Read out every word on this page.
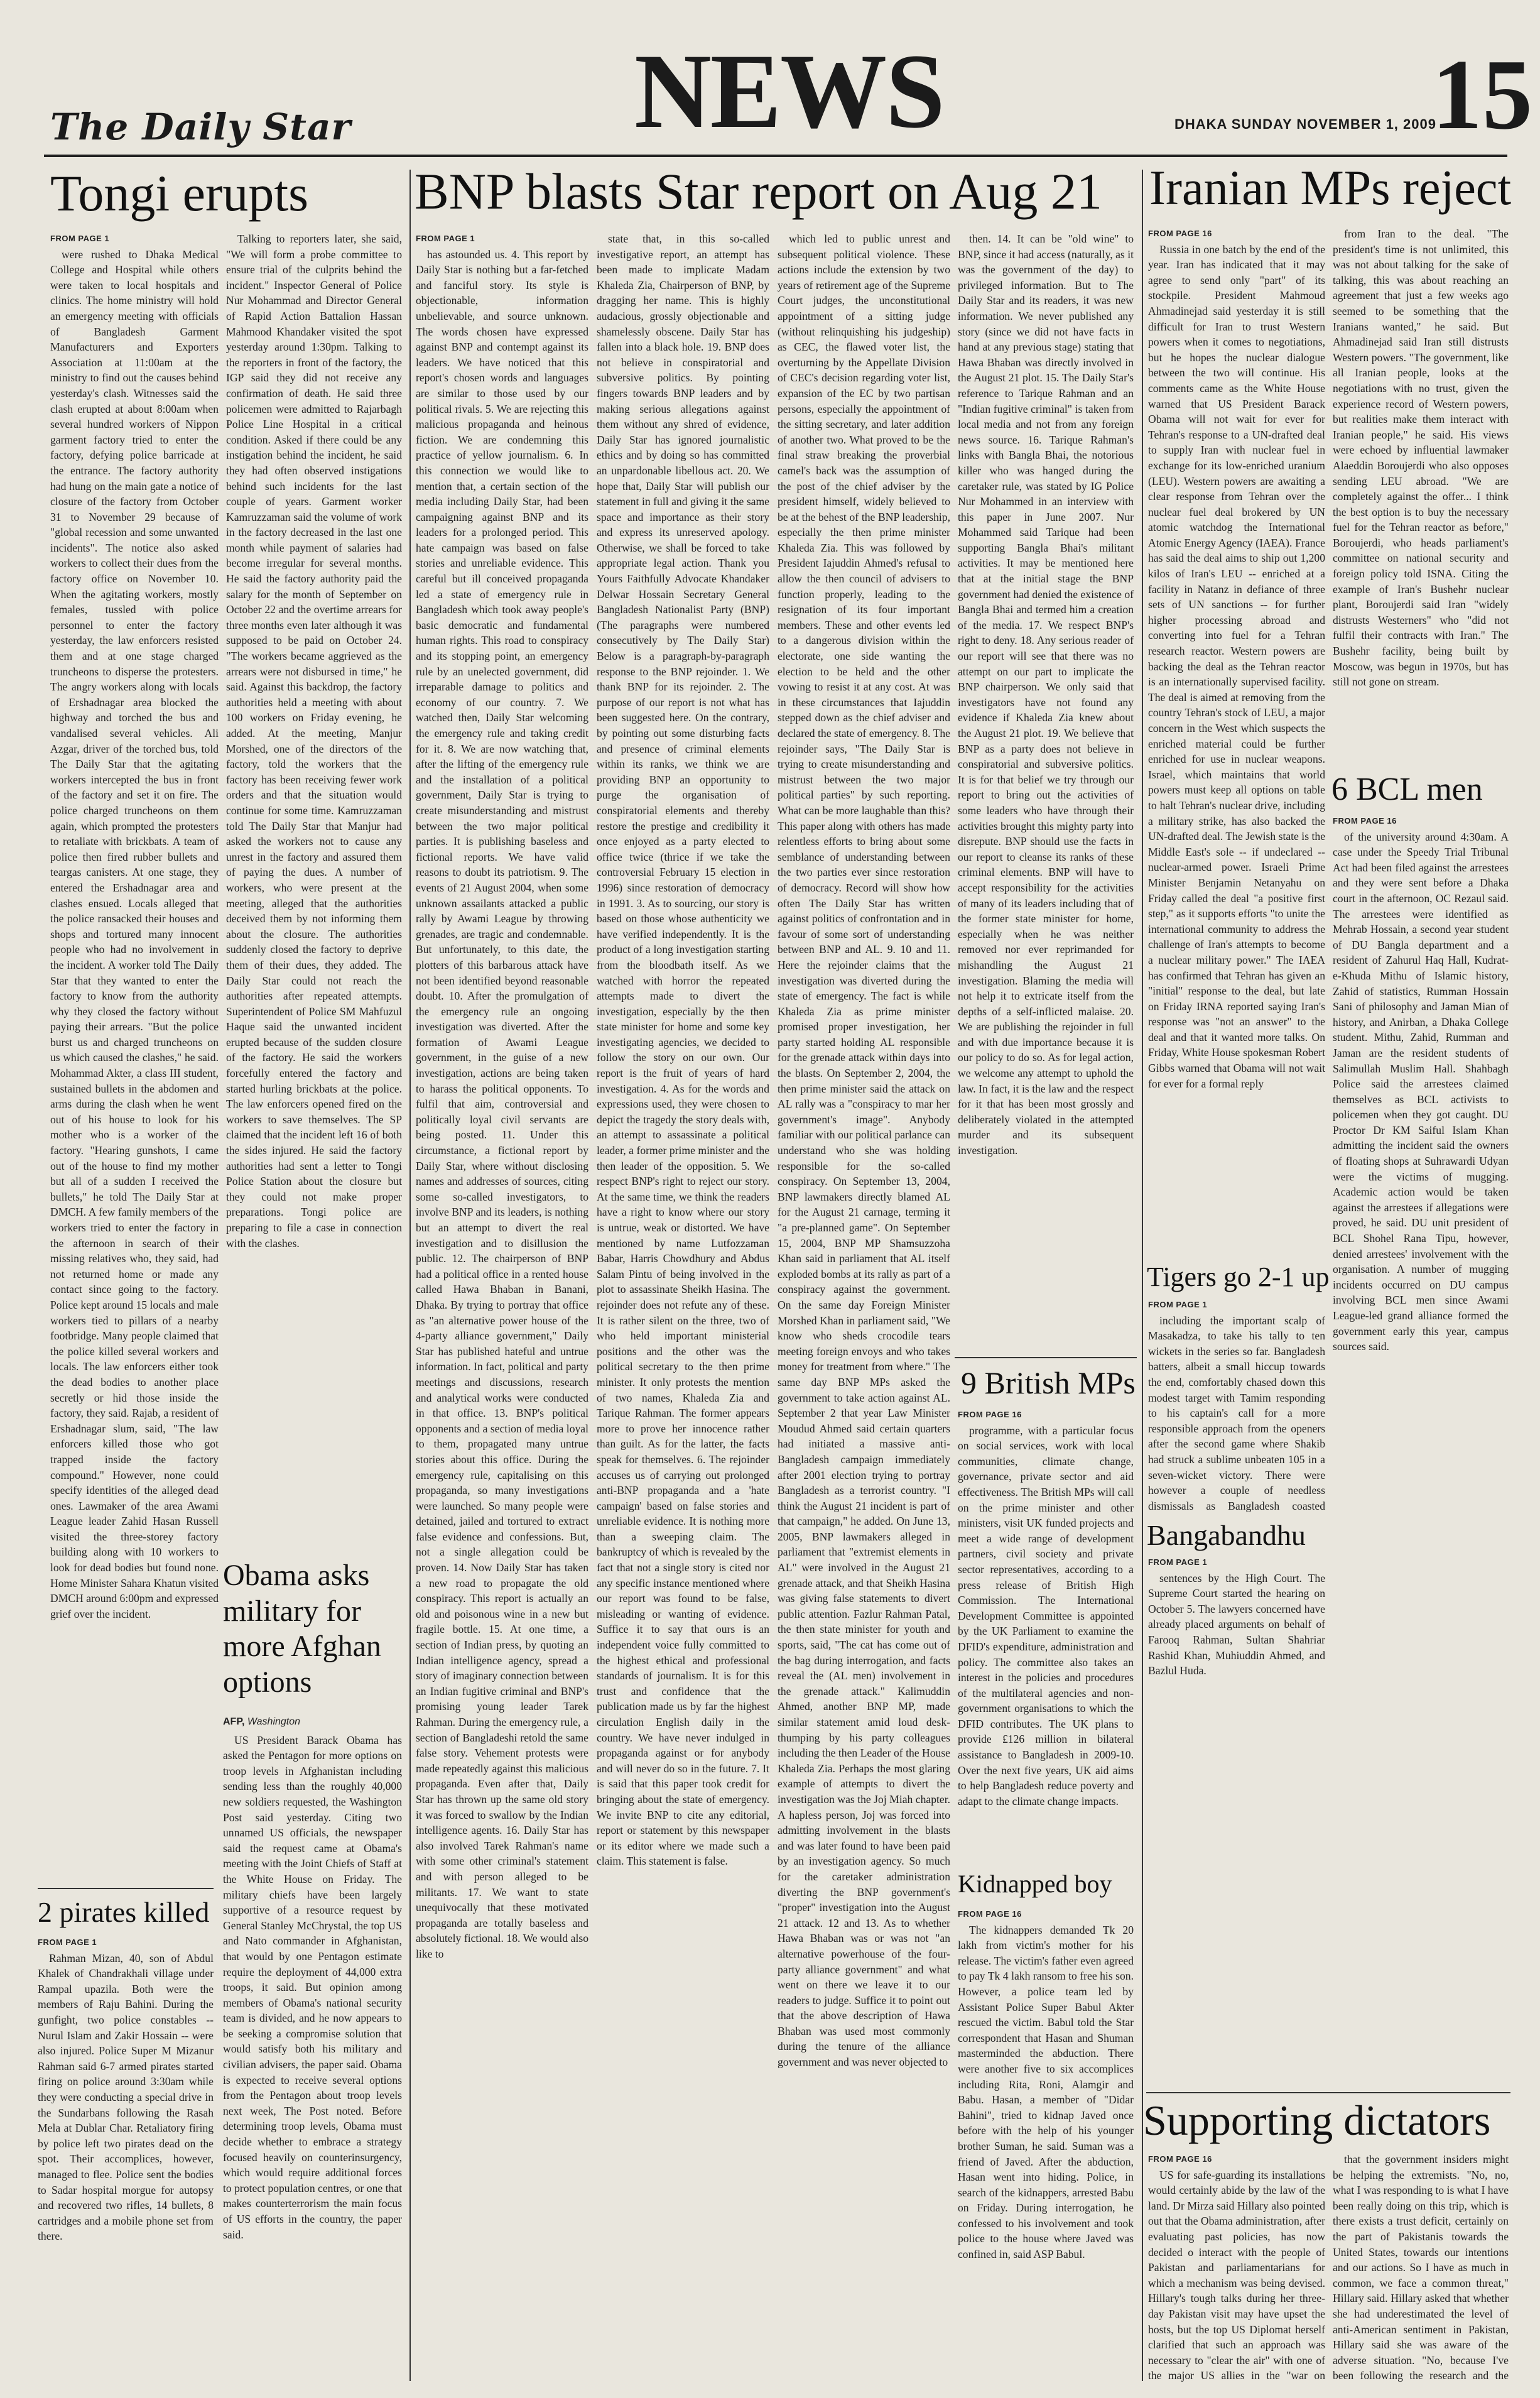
The Daily Star	NEWS	DHAKA SUNDAY NOVEMBER 1, 2009
15
Tongi erupts
FROM PAGE 1

were rushed to Dhaka Medical College and Hospital while others were taken to local hospitals and clinics. The home ministry will hold an emergency meeting with officials of Bangladesh Garment Manufacturers and Exporters Association at 11:00am at the ministry to find out the causes behind yesterday's clash. Witnesses said the clash erupted at about 8:00am when several hundred workers of Nippon garment factory tried to enter the factory, defying police barricade at the entrance. The factory authority had hung on the main gate a notice of closure of the factory from October 31 to November 29 because of "global recession and some unwanted incidents". The notice also asked workers to collect their dues from the factory office on November 10. When the agitating workers, mostly females, tussled with police personnel to enter the factory yesterday, the law enforcers resisted them and at one stage charged truncheons to disperse the protesters. The angry workers along with locals of Ershadnagar area blocked the highway and torched the bus and vandalised several vehicles. Ali Azgar, driver of the torched bus, told The Daily Star that the agitating workers intercepted the bus in front of the factory and set it on fire. The police charged truncheons on them again, which prompted the protesters to retaliate with brickbats. A team of police then fired rubber bullets and teargas canisters. At one stage, they entered the Ershadnagar area and clashes ensued. Locals alleged that the police ransacked their houses and shops and tortured many innocent people who had no involvement in the incident. A worker told The Daily Star that they wanted to enter the factory to know from the authority why they closed the factory without paying their arrears. "But the police burst us and charged truncheons on us which caused the clashes," he said. Mohammad Akter, a class III student, sustained bullets in the abdomen and arms during the clash when he went out of his house to look for his mother who is a worker of the factory. "Hearing gunshots, I came out of the house to find my mother but all of a sudden I received the bullets," he told The Daily Star at DMCH. A few family members of the workers tried to enter the factory in the afternoon in search of their missing relatives who, they said, had not returned home or made any contact since going to the factory. Police kept around 15 locals and male workers tied to pillars of a nearby footbridge. Many people claimed that the police killed several workers and locals. The law enforcers either took the dead bodies to another place secretly or hid those inside the factory, they said. Rajab, a resident of Ershadnagar slum, said, "The law enforcers killed those who got trapped inside the factory compound." However, none could specify identities of the alleged dead ones. Lawmaker of the area Awami League leader Zahid Hasan Russell visited the three-storey factory building along with 10 workers to look for dead bodies but found none. Home Minister Sahara Khatun visited DMCH around 6:00pm and expressed grief over the incident.

Talking to reporters later, she said, "We will form a probe committee to ensure trial of the culprits behind the incident." Inspector General of Police Nur Mohammad and Director General of Rapid Action Battalion Hassan Mahmood Khandaker visited the spot yesterday around 1:30pm. Talking to the reporters in front of the factory, the IGP said they did not receive any confirmation of death. He said three policemen were admitted to Rajarbagh Police Line Hospital in a critical condition. Asked if there could be any instigation behind the incident, he said they had often observed instigations behind such incidents for the last couple of years. Garment worker Kamruzzaman said the volume of work in the factory decreased in the last one month while payment of salaries had become irregular for several months. He said the factory authority paid the salary for the month of September on October 22 and the overtime arrears for three months even later although it was supposed to be paid on October 24. "The workers became aggrieved as the arrears were not disbursed in time," he said. Against this backdrop, the factory authorities held a meeting with about 100 workers on Friday evening, he added. At the meeting, Manjur Morshed, one of the directors of the factory, told the workers that the factory has been receiving fewer work orders and that the situation would continue for some time. Kamruzzaman told The Daily Star that Manjur had asked the workers not to cause any unrest in the factory and assured them of paying the dues. A number of workers, who were present at the meeting, alleged that the authorities deceived them by not informing them about the closure. The authorities suddenly closed the factory to deprive them of their dues, they added. The Daily Star could not reach the authorities after repeated attempts. Superintendent of Police SM Mahfuzul Haque said the unwanted incident erupted because of the sudden closure of the factory. He said the workers forcefully entered the factory and started hurling brickbats at the police. The law enforcers opened fired on the workers to save themselves. The SP claimed that the incident left 16 of both the sides injured. He said the factory authorities had sent a letter to Tongi Police Station about the closure but they could not make proper preparations. Tongi police are preparing to file a case in connection with the clashes.

Obama asks military for more Afghan options
AFP, Washington

US President Barack Obama has asked the Pentagon for more options on troop levels in Afghanistan including sending less than the roughly 40,000 new soldiers requested, the Washington Post said yesterday. Citing two unnamed US officials, the newspaper said the request came at Obama's meeting with the Joint Chiefs of Staff at the White House on Friday. The military chiefs have been largely supportive of a resource request by General Stanley McChrystal, the top US and Nato commander in Afghanistan, that would by one Pentagon estimate require the deployment of 44,000 extra troops, it said. But opinion among members of Obama's national security team is divided, and he now appears to be seeking a compromise solution that would satisfy both his military and civilian advisers, the paper said. Obama is expected to receive several options from the Pentagon about troop levels next week, The Post noted. Before determining troop levels, Obama must decide whether to embrace a strategy focused heavily on counterinsurgency, which would require additional forces to protect population centres, or one that makes counterterrorism the main focus of US efforts in the country, the paper said.

2 pirates killed
FROM PAGE 1

Rahman Mizan, 40, son of Abdul Khalek of Chandrakhali village under Rampal upazila. Both were the members of Raju Bahini. During the gunfight, two police constables -- Nurul Islam and Zakir Hossain -- were also injured. Police Super M Mizanur Rahman said 6-7 armed pirates started firing on police around 3:30am while they were conducting a special drive in the Sundarbans following the Rasah Mela at Dublar Char. Retaliatory firing by police left two pirates dead on the spot. Their accomplices, however, managed to flee. Police sent the bodies to Sadar hospital morgue for autopsy and recovered two rifles, 14 bullets, 8 cartridges and a mobile phone set from there.

BNP blasts Star report on Aug 21
FROM PAGE 1

has astounded us. 4. This report by Daily Star is nothing but a far-fetched and fanciful story. Its style is objectionable, information unbelievable, and source unknown. The words chosen have expressed against BNP and contempt against its leaders. We have noticed that this report's chosen words and languages are similar to those used by our political rivals. 5. We are rejecting this malicious propaganda and heinous fiction. We are condemning this practice of yellow journalism. 6. In this connection we would like to mention that, a certain section of the media including Daily Star, had been campaigning against BNP and its leaders for a prolonged period. This hate campaign was based on false stories and unreliable evidence. This careful but ill conceived propaganda led a state of emergency rule in Bangladesh which took away people's basic democratic and fundamental human rights. This road to conspiracy and its stopping point, an emergency rule by an unelected government, did irreparable damage to politics and economy of our country. 7. We watched then, Daily Star welcoming the emergency rule and taking credit for it. 8. We are now watching that, after the lifting of the emergency rule and the installation of a political government, Daily Star is trying to create misunderstanding and mistrust between the two major political parties. It is publishing baseless and fictional reports. We have valid reasons to doubt its patriotism. 9. The events of 21 August 2004, when some unknown assailants attacked a public rally by Awami League by throwing grenades, are tragic and condemnable. But unfortunately, to this date, the plotters of this barbarous attack have not been identified beyond reasonable doubt. 10. After the promulgation of the emergency rule an ongoing investigation was diverted. After the formation of Awami League government, in the guise of a new investigation, actions are being taken to harass the political opponents. To fulfil that aim, controversial and politically loyal civil servants are being posted. 11. Under this circumstance, a fictional report by Daily Star, where without disclosing names and addresses of sources, citing some so-called investigators, to involve BNP and its leaders, is nothing but an attempt to divert the real investigation and to disillusion the public. 12. The chairperson of BNP had a political office in a rented house called Hawa Bhaban in Banani, Dhaka. By trying to portray that office as "an alternative power house of the 4-party alliance government," Daily Star has published hateful and untrue information. In fact, political and party meetings and discussions, research and analytical works were conducted in that office. 13. BNP's political opponents and a section of media loyal to them, propagated many untrue stories about this office. During the emergency rule, capitalising on this propaganda, so many investigations were launched. So many people were detained, jailed and tortured to extract false evidence and confessions. But, not a single allegation could be proven. 14. Now Daily Star has taken a new road to propagate the old conspiracy. This report is actually an old and poisonous wine in a new but fragile bottle. 15. At one time, a section of Indian press, by quoting an Indian intelligence agency, spread a story of imaginary connection between an Indian fugitive criminal and BNP's promising young leader Tarek Rahman. During the emergency rule, a section of Bangladeshi retold the same false story. Vehement protests were made repeatedly against this malicious propaganda. Even after that, Daily Star has thrown up the same old story it was forced to swallow by the Indian intelligence agents. 16. Daily Star has also involved Tarek Rahman's name with some other criminal's statement and with person alleged to be militants. 17. We want to state unequivocally that these motivated propaganda are totally baseless and absolutely fictional. 18. We would also like to

state that, in this so-called investigative report, an attempt has been made to implicate Madam Khaleda Zia, Chairperson of BNP, by dragging her name. This is highly audacious, grossly objectionable and shamelessly obscene. Daily Star has fallen into a black hole. 19. BNP does not believe in conspiratorial and subversive politics. By pointing fingers towards BNP leaders and by making serious allegations against them without any shred of evidence, Daily Star has ignored journalistic ethics and by doing so has committed an unpardonable libellous act. 20. We hope that, Daily Star will publish our statement in full and giving it the same space and importance as their story and express its unreserved apology. Otherwise, we shall be forced to take appropriate legal action. Thank you Yours Faithfully Advocate Khandaker Delwar Hossain Secretary General Bangladesh Nationalist Party (BNP) (The paragraphs were numbered consecutively by The Daily Star) Below is a paragraph-by-paragraph response to the BNP rejoinder. 1. We thank BNP for its rejoinder. 2. The purpose of our report is not what has been suggested here. On the contrary, by pointing out some disturbing facts and presence of criminal elements within its ranks, we think we are providing BNP an opportunity to purge the organisation of conspiratorial elements and thereby restore the prestige and credibility it once enjoyed as a party elected to office twice (thrice if we take the controversial February 15 election in 1996) since restoration of democracy in 1991. 3. As to sourcing, our story is based on those whose authenticity we have verified independently. It is the product of a long investigation starting from the bloodbath itself. As we watched with horror the repeated attempts made to divert the investigation, especially by the then state minister for home and some key investigating agencies, we decided to follow the story on our own. Our report is the fruit of years of hard investigation. 4. As for the words and expressions used, they were chosen to depict the tragedy the story deals with, an attempt to assassinate a political leader, a former prime minister and the then leader of the opposition. 5. We respect BNP's right to reject our story. At the same time, we think the readers have a right to know where our story is untrue, weak or distorted. We have mentioned by name Lutfozzaman Babar, Harris Chowdhury and Abdus Salam Pintu of being involved in the plot to assassinate Sheikh Hasina. The rejoinder does not refute any of these. It is rather silent on the three, two of who held important ministerial positions and the other was the political secretary to the then prime minister. It only protests the mention of two names, Khaleda Zia and Tarique Rahman. The former appears more to prove her innocence rather than guilt. As for the latter, the facts speak for themselves. 6. The rejoinder accuses us of carrying out prolonged anti-BNP propaganda and a 'hate campaign' based on false stories and unreliable evidence. It is nothing more than a sweeping claim. The bankruptcy of which is revealed by the fact that not a single story is cited nor any specific instance mentioned where our report was found to be false, misleading or wanting of evidence. Suffice it to say that ours is an independent voice fully committed to the highest ethical and professional standards of journalism. It is for this trust and confidence that the publication made us by far the highest circulation English daily in the country. We have never indulged in propaganda against or for anybody and will never do so in the future. 7. It is said that this paper took credit for bringing about the state of emergency. We invite BNP to cite any editorial, report or statement by this newspaper or its editor where we made such a claim. This statement is false.

which led to public unrest and subsequent political violence. These actions include the extension by two years of retirement age of the Supreme Court judges, the unconstitutional appointment of a sitting judge (without relinquishing his judgeship) as CEC, the flawed voter list, the overturning by the Appellate Division of CEC's decision regarding voter list, expansion of the EC by two partisan persons, especially the appointment of the sitting secretary, and later addition of another two. What proved to be the final straw breaking the proverbial camel's back was the assumption of the post of the chief adviser by the president himself, widely believed to be at the behest of the BNP leadership, especially the then prime minister Khaleda Zia. This was followed by President Iajuddin Ahmed's refusal to allow the then council of advisers to function properly, leading to the resignation of its four important members. These and other events led to a dangerous division within the electorate, one side wanting the election to be held and the other vowing to resist it at any cost. At was in these circumstances that Iajuddin stepped down as the chief adviser and declared the state of emergency. 8. The rejoinder says, "The Daily Star is trying to create misunderstanding and mistrust between the two major political parties" by such reporting. What can be more laughable than this? This paper along with others has made relentless efforts to bring about some semblance of understanding between the two parties ever since restoration of democracy. Record will show how often The Daily Star has written against politics of confrontation and in favour of some sort of understanding between BNP and AL. 9. 10 and 11. Here the rejoinder claims that the investigation was diverted during the state of emergency. The fact is while Khaleda Zia as prime minister promised proper investigation, her party started holding AL responsible for the grenade attack within days into the blasts. On September 2, 2004, the then prime minister said the attack on AL rally was a "conspiracy to mar her government's image". Anybody familiar with our political parlance can understand who she was holding responsible for the so-called conspiracy. On September 13, 2004, BNP lawmakers directly blamed AL for the August 21 carnage, terming it "a pre-planned game". On September 15, 2004, BNP MP Shamsuzzoha Khan said in parliament that AL itself exploded bombs at its rally as part of a conspiracy against the government. On the same day Foreign Minister Morshed Khan in parliament said, "We know who sheds crocodile tears meeting foreign envoys and who takes money for treatment from where." The same day BNP MPs asked the government to take action against AL. September 2 that year Law Minister Moudud Ahmed said certain quarters had initiated a massive anti-Bangladesh campaign immediately after 2001 election trying to portray Bangladesh as a terrorist country. "I think the August 21 incident is part of that campaign," he added. On June 13, 2005, BNP lawmakers alleged in parliament that "extremist elements in AL" were involved in the August 21 grenade attack, and that Sheikh Hasina was giving false statements to divert public attention. Fazlur Rahman Patal, the then state minister for youth and sports, said, "The cat has come out of the bag during interrogation, and facts reveal the (AL men) involvement in the grenade attack." Kalimuddin Ahmed, another BNP MP, made similar statement amid loud desk-thumping by his party colleagues including the then Leader of the House Khaleda Zia. Perhaps the most glaring example of attempts to divert the investigation was the Joj Miah chapter. A hapless person, Joj was forced into admitting involvement in the blasts and was later found to have been paid by an investigation agency. So much for the caretaker administration diverting the BNP government's "proper" investigation into the August 21 attack. 12 and 13. As to whether Hawa Bhaban was or was not "an alternative powerhouse of the four-party alliance government" and what went on there we leave it to our readers to judge. Suffice it to point out that the above description of Hawa Bhaban was used most commonly during the tenure of the alliance government and was never objected to

then. 14. It can be "old wine" to BNP, since it had access (naturally, as it was the government of the day) to privileged information. But to The Daily Star and its readers, it was new information. We never published any story (since we did not have facts in hand at any previous stage) stating that Hawa Bhaban was directly involved in the August 21 plot. 15. The Daily Star's reference to Tarique Rahman and an "Indian fugitive criminal" is taken from local media and not from any foreign news source. 16. Tarique Rahman's links with Bangla Bhai, the notorious killer who was hanged during the caretaker rule, was stated by IG Police Nur Mohammed in an interview with this paper in June 2007. Nur Mohammed said Tarique had been supporting Bangla Bhai's militant activities. It may be mentioned here that at the initial stage the BNP government had denied the existence of Bangla Bhai and termed him a creation of the media. 17. We respect BNP's right to deny. 18. Any serious reader of our report will see that there was no attempt on our part to implicate the BNP chairperson. We only said that investigators have not found any evidence if Khaleda Zia knew about the August 21 plot. 19. We believe that BNP as a party does not believe in conspiratorial and subversive politics. It is for that belief we try through our report to bring out the activities of some leaders who have through their activities brought this mighty party into disrepute. BNP should use the facts in our report to cleanse its ranks of these criminal elements. BNP will have to accept responsibility for the activities of many of its leaders including that of the former state minister for home, especially when he was neither removed nor ever reprimanded for mishandling the August 21 investigation. Blaming the media will not help it to extricate itself from the depths of a self-inflicted malaise. 20. We are publishing the rejoinder in full and with due importance because it is our policy to do so. As for legal action, we welcome any attempt to uphold the law. In fact, it is the law and the respect for it that has been most grossly and deliberately violated in the attempted murder and its subsequent investigation.

9 British MPs
FROM PAGE 16

programme, with a particular focus on social services, work with local communities, climate change, governance, private sector and aid effectiveness. The British MPs will call on the prime minister and other ministers, visit UK funded projects and meet a wide range of development partners, civil society and private sector representatives, according to a press release of British High Commission. The International Development Committee is appointed by the UK Parliament to examine the DFID's expenditure, administration and policy. The committee also takes an interest in the policies and procedures of the multilateral agencies and non-government organisations to which the DFID contributes. The UK plans to provide £126 million in bilateral assistance to Bangladesh in 2009-10. Over the next five years, UK aid aims to help Bangladesh reduce poverty and adapt to the climate change impacts.

Kidnapped boy
FROM PAGE 16

The kidnappers demanded Tk 20 lakh from victim's mother for his release. The victim's father even agreed to pay Tk 4 lakh ransom to free his son. However, a police team led by Assistant Police Super Babul Akter rescued the victim. Babul told the Star correspondent that Hasan and Shuman masterminded the abduction. There were another five to six accomplices including Rita, Roni, Alamgir and Babu. Hasan, a member of "Didar Bahini", tried to kidnap Javed once before with the help of his younger brother Suman, he said. Suman was a friend of Javed. After the abduction, Hasan went into hiding. Police, in search of the kidnappers, arrested Babu on Friday. During interrogation, he confessed to his involvement and took police to the house where Javed was confined in, said ASP Babul.

Iranian MPs reject
FROM PAGE 16

Russia in one batch by the end of the year. Iran has indicated that it may agree to send only "part" of its stockpile. President Mahmoud Ahmadinejad said yesterday it is still difficult for Iran to trust Western powers when it comes to negotiations, but he hopes the nuclear dialogue between the two will continue. His comments came as the White House warned that US President Barack Obama will not wait for ever for Tehran's response to a UN-drafted deal to supply Iran with nuclear fuel in exchange for its low-enriched uranium (LEU). Western powers are awaiting a clear response from Tehran over the nuclear fuel deal brokered by UN atomic watchdog the International Atomic Energy Agency (IAEA). France has said the deal aims to ship out 1,200 kilos of Iran's LEU -- enriched at a facility in Natanz in defiance of three sets of UN sanctions -- for further higher processing abroad and converting into fuel for a Tehran research reactor. Western powers are backing the deal as the Tehran reactor is an internationally supervised facility. The deal is aimed at removing from the country Tehran's stock of LEU, a major concern in the West which suspects the enriched material could be further enriched for use in nuclear weapons. Israel, which maintains that world powers must keep all options on table to halt Tehran's nuclear drive, including a military strike, has also backed the UN-drafted deal. The Jewish state is the Middle East's sole -- if undeclared -- nuclear-armed power. Israeli Prime Minister Benjamin Netanyahu on Friday called the deal "a positive first step," as it supports efforts "to unite the international community to address the challenge of Iran's attempts to become a nuclear military power." The IAEA has confirmed that Tehran has given an "initial" response to the deal, but late on Friday IRNA reported saying Iran's response was "not an answer" to the deal and that it wanted more talks. On Friday, White House spokesman Robert Gibbs warned that Obama will not wait for ever for a formal reply

from Iran to the deal. "The president's time is not unlimited, this was not about talking for the sake of talking, this was about reaching an agreement that just a few weeks ago seemed to be something that the Iranians wanted," he said. But Ahmadinejad said Iran still distrusts Western powers. "The government, like all Iranian people, looks at the negotiations with no trust, given the experience record of Western powers, but realities make them interact with Iranian people," he said. His views were echoed by influential lawmaker Alaeddin Boroujerdi who also opposes sending LEU abroad. "We are completely against the offer... I think the best option is to buy the necessary fuel for the Tehran reactor as before," Boroujerdi, who heads parliament's committee on national security and foreign policy told ISNA. Citing the example of Iran's Bushehr nuclear plant, Boroujerdi said Iran "widely distrusts Westerners" who "did not fulfil their contracts with Iran." The Bushehr facility, being built by Moscow, was begun in 1970s, but has still not gone on stream.

6 BCL men
FROM PAGE 16

of the university around 4:30am. A case under the Speedy Trial Tribunal Act had been filed against the arrestees and they were sent before a Dhaka court in the afternoon, OC Rezaul said. The arrestees were identified as Mehrab Hossain, a second year student of DU Bangla department and a resident of Zahurul Haq Hall, Kudrat-e-Khuda Mithu of Islamic history, Zahid of statistics, Rumman Hossain Sani of philosophy and Jaman Mian of history, and Anirban, a Dhaka College student. Mithu, Zahid, Rumman and Jaman are the resident students of Salimullah Muslim Hall. Shahbagh Police said the arrestees claimed themselves as BCL activists to policemen when they got caught. DU Proctor Dr KM Saiful Islam Khan admitting the incident said the owners of floating shops at Suhrawardi Udyan were the victims of mugging. Academic action would be taken against the arrestees if allegations were proved, he said. DU unit president of BCL Shohel Rana Tipu, however, denied arrestees' involvement with the organisation. A number of mugging incidents occurred on DU campus involving BCL men since Awami League-led grand alliance formed the government early this year, campus sources said.

Tigers go 2-1 up
FROM PAGE 1

including the important scalp of Masakadza, to take his tally to ten wickets in the series so far. Bangladesh batters, albeit a small hiccup towards the end, comfortably chased down this modest target with Tamim responding to his captain's call for a more responsible approach from the openers after the second game where Shakib had struck a sublime unbeaten 105 in a seven-wicket victory. There were however a couple of needless dismissals as Bangladesh coasted

Bangabandhu
FROM PAGE 1

sentences by the High Court. The Supreme Court started the hearing on October 5. The lawyers concerned have already placed arguments on behalf of Farooq Rahman, Sultan Shahriar Rashid Khan, Muhiuddin Ahmed, and Bazlul Huda.

Supporting dictators
FROM PAGE 16

US for safe-guarding its installations would certainly abide by the law of the land. Dr Mirza said Hillary also pointed out that the Obama administration, after evaluating past policies, has now decided o interact with the people of Pakistan and parliamentarians for which a mechanism was being devised. Hillary's tough talks during her three-day Pakistan visit may have upset the hosts, but the top US Diplomat herself clarified that such an approach was necessary to "clear the air" with one of the major US allies in the "war on

that the government insiders might be helping the extremists. "No, no, what I was responding to is what I have been really doing on this trip, which is there exists a trust deficit, certainly on the part of Pakistanis towards the United States, towards our intentions and our actions. So I have as much in common, we face a common threat," Hillary said. Hillary asked that whether she had underestimated the level of anti-American sentiment in Pakistan, Hillary said she was aware of the adverse situation. "No, because I've been following the research and the
